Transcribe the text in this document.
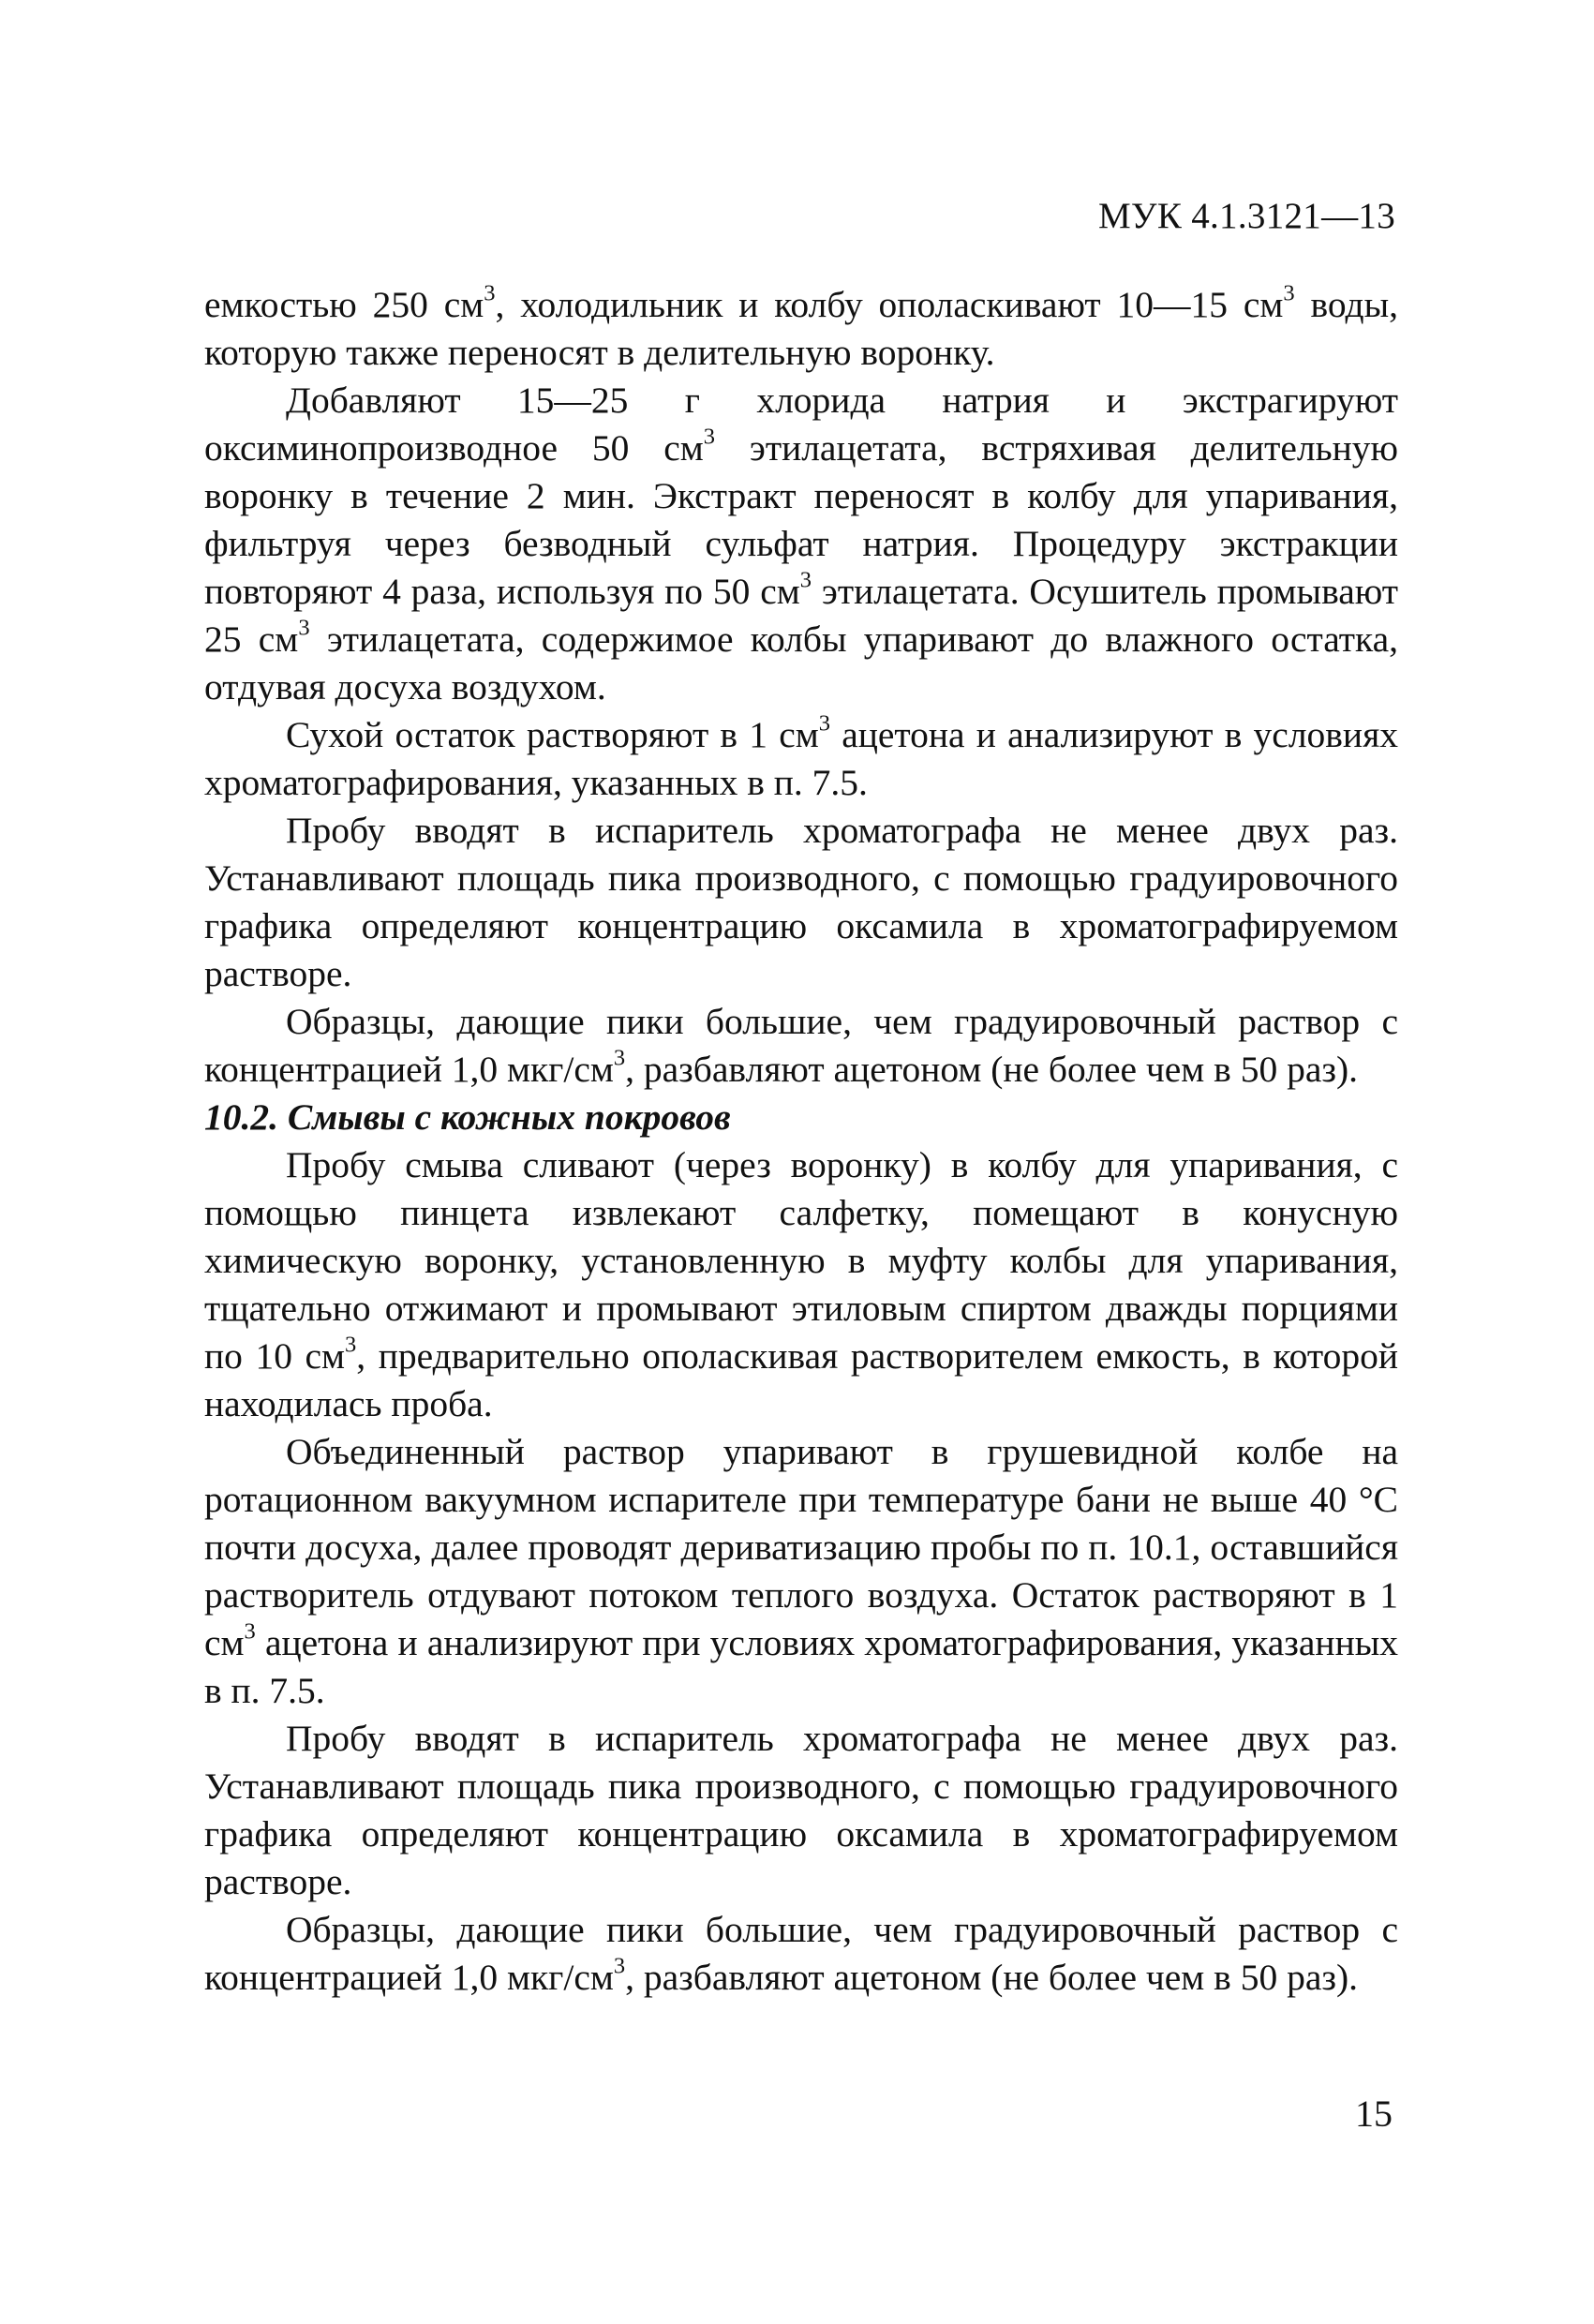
МУК 4.1.3121—13

емкостью 250 $см^3$, холодильник и колбу ополаскивают 10—15 $см^3$ воды, которую также переносят в делительную воронку.

Добавляют 15—25 г хлорида натрия и экстрагируют оксиминопроизводное 50 $см^3$ этилацетата, встряхивая делительную воронку в течение 2 мин. Экстракт переносят в колбу для упаривания, фильтруя через безводный сульфат натрия. Процедуру экстракции повторяют 4 раза, используя по 50 $см^3$ этилацетата. Осушитель промывают 25 $см^3$ этилацетата, содержимое колбы упаривают до влажного остатка, отдувая досуха воздухом.

Сухой остаток растворяют в 1 $см^3$ ацетона и анализируют в условиях хроматографирования, указанных в п. 7.5.

Пробу вводят в испаритель хроматографа не менее двух раз. Устанавливают площадь пика производного, с помощью градуировочного графика определяют концентрацию оксамила в хроматографируемом растворе.

Образцы, дающие пики большие, чем градуировочный раствор с концентрацией 1,0 мкг/$см^3$, разбавляют ацетоном (не более чем в 50 раз).

10.2. Смывы с кожных покровов

Пробу смыва сливают (через воронку) в колбу для упаривания, с помощью пинцета извлекают салфетку, помещают в конусную химическую воронку, установленную в муфту колбы для упаривания, тщательно отжимают и промывают этиловым спиртом дважды порциями по 10 $см^3$, предварительно ополаскивая растворителем емкость, в которой находилась проба.

Объединенный раствор упаривают в грушевидной колбе на ротационном вакуумном испарителе при температуре бани не выше 40 °С почти досуха, далее проводят дериватизацию пробы по п. 10.1, оставшийся растворитель отдувают потоком теплого воздуха. Остаток растворяют в 1 $см^3$ ацетона и анализируют при условиях хроматографирования, указанных в п. 7.5.

Пробу вводят в испаритель хроматографа не менее двух раз. Устанавливают площадь пика производного, с помощью градуировочного графика определяют концентрацию оксамила в хроматографируемом растворе.

Образцы, дающие пики большие, чем градуировочный раствор с концентрацией 1,0 мкг/$см^3$, разбавляют ацетоном (не более чем в 50 раз).

15
